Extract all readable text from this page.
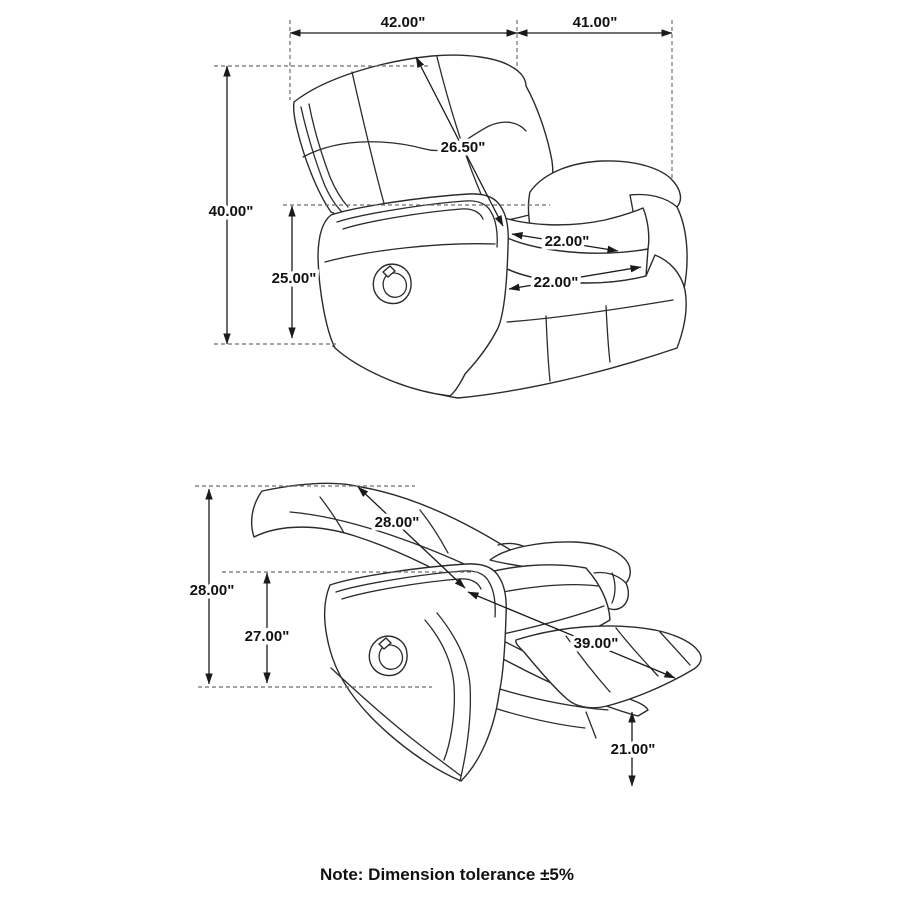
42.00"	41.00"
40.00"
25.00"
26.50"
22.00"
22.00"
28.00"
28.00"
27.00"	39.00"
21.00"
Note: Dimension tolerance ±5%
